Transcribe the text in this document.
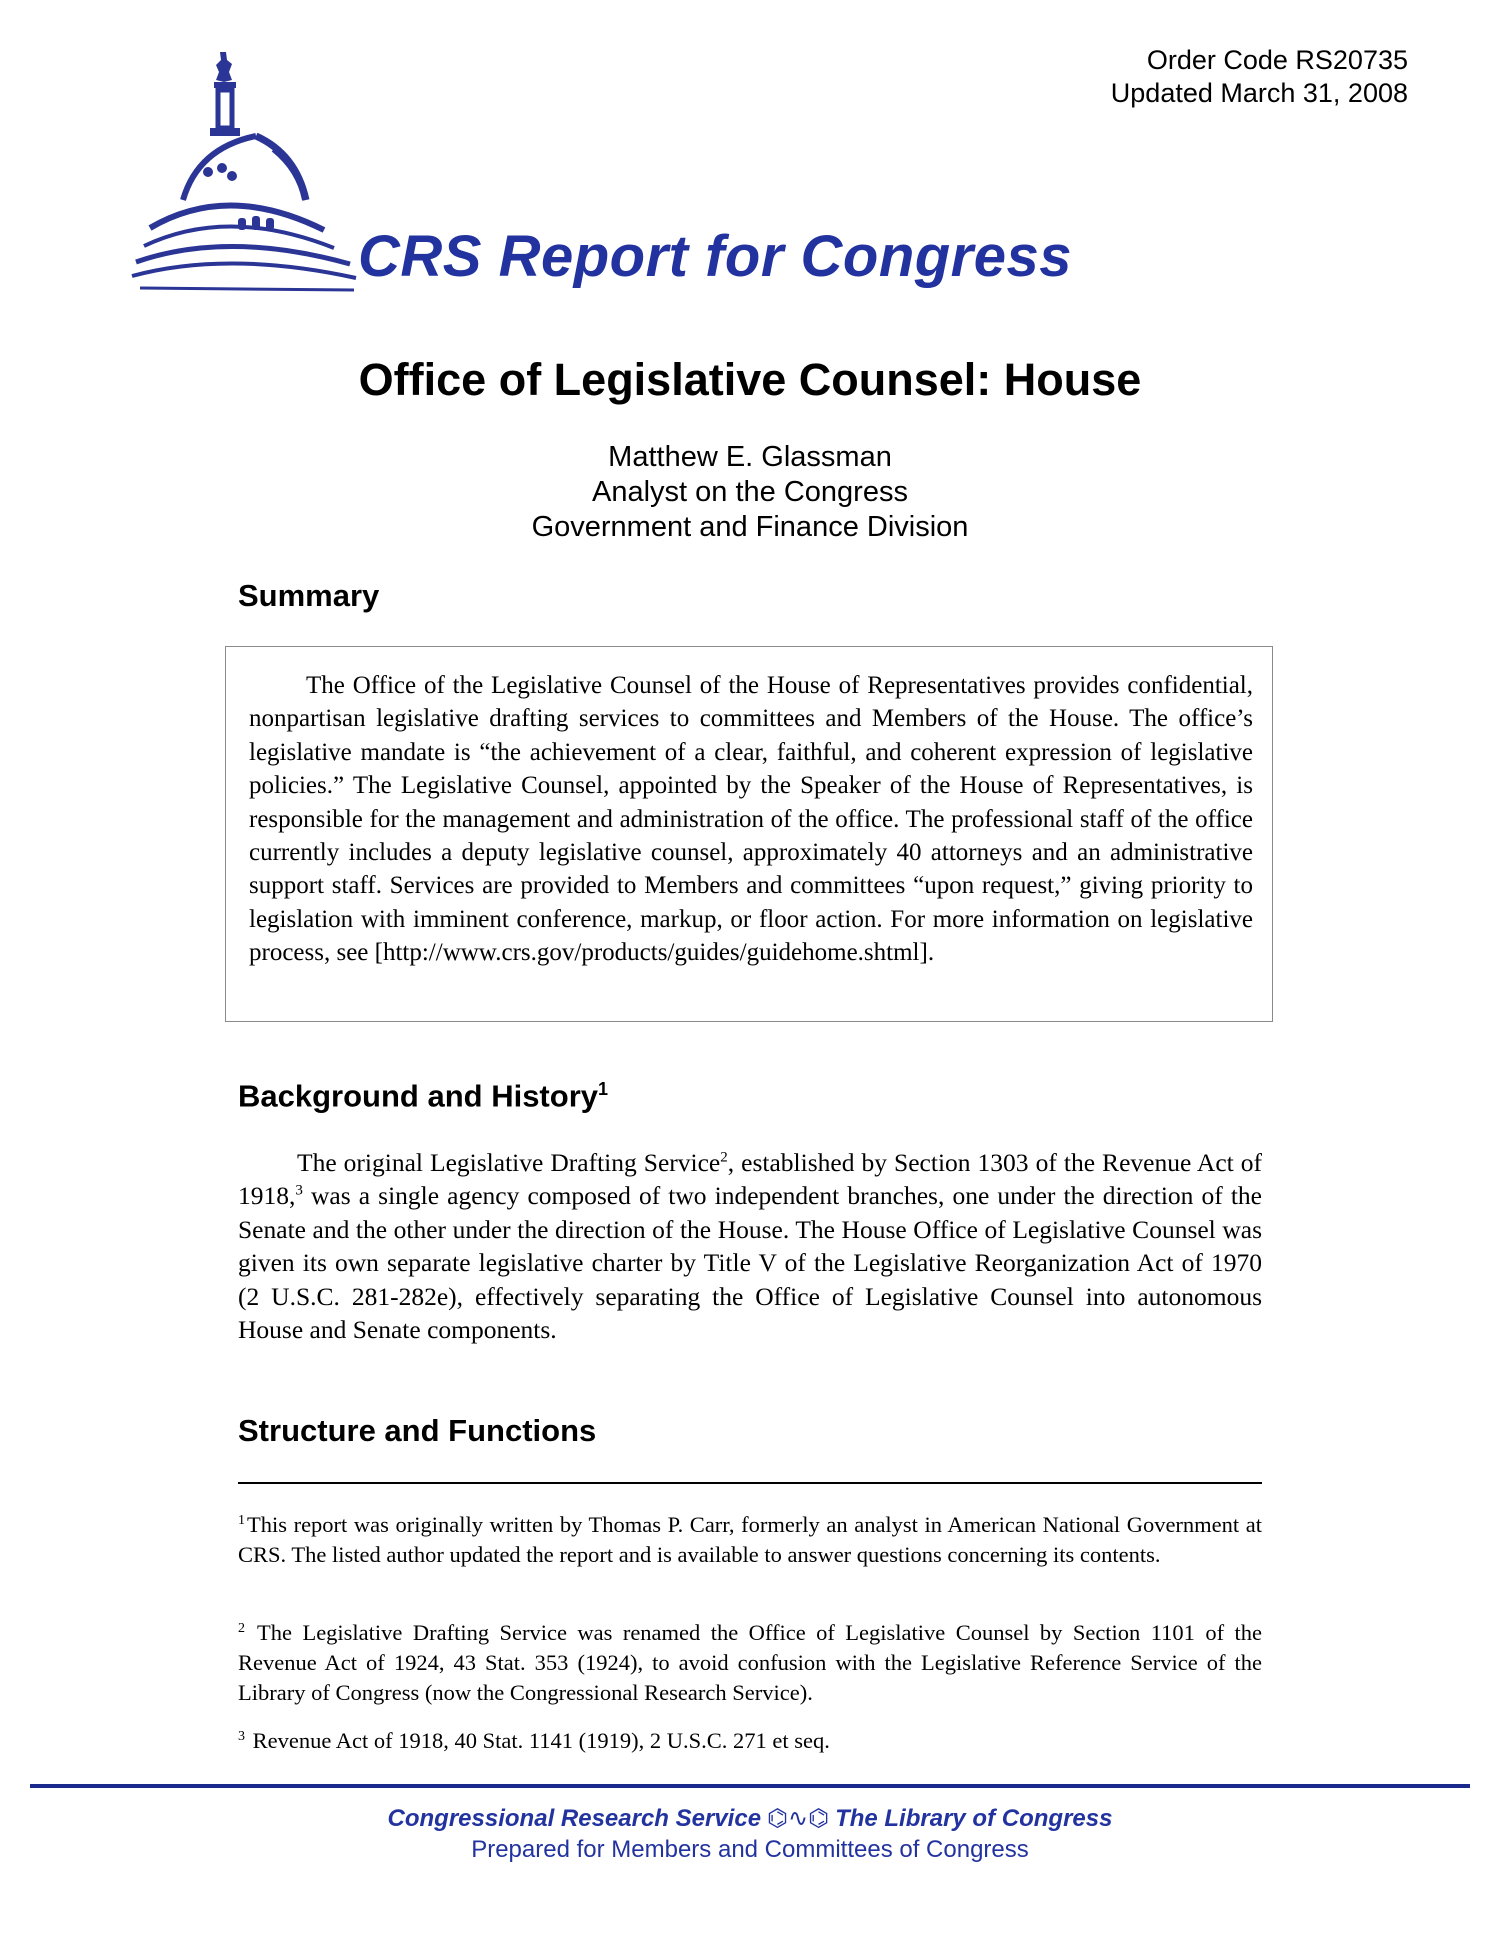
Order Code RS20735
Updated March 31, 2008
CRS Report for Congress
Office of Legislative Counsel: House
Matthew E. Glassman
Analyst on the Congress
Government and Finance Division
Summary

The Office of the Legislative Counsel of the House of Representatives provides confidential, nonpartisan legislative drafting services to committees and Members of the House. The office’s legislative mandate is “the achievement of a clear, faithful, and coherent expression of legislative policies.” The Legislative Counsel, appointed by the Speaker of the House of Representatives, is responsible for the management and administration of the office. The professional staff of the office currently includes a deputy legislative counsel, approximately 40 attorneys and an administrative support staff. Services are provided to Members and committees “upon request,” giving priority to legislation with imminent conference, markup, or floor action. For more information on legislative process, see [http://www.crs.gov/products/guides/guidehome.shtml].

Background and History$^1$

The original Legislative Drafting Service$^2$, established by Section 1303 of the Revenue Act of 1918,$^3$ was a single agency composed of two independent branches, one under the direction of the Senate and the other under the direction of the House. The House Office of Legislative Counsel was given its own separate legislative charter by Title V of the Legislative Reorganization Act of 1970 (2 U.S.C. 281-282e), effectively separating the Office of Legislative Counsel into autonomous House and Senate components.

Structure and Functions

$^1$This report was originally written by Thomas P. Carr, formerly an analyst in American National Government at CRS. The listed author updated the report and is available to answer questions concerning its contents.

$^2$ The Legislative Drafting Service was renamed the Office of Legislative Counsel by Section 1101 of the Revenue Act of 1924, 43 Stat. 353 (1924), to avoid confusion with the Legislative Reference Service of the Library of Congress (now the Congressional Research Service).

$^3$ Revenue Act of 1918, 40 Stat. 1141 (1919), 2 U.S.C. 271 et seq.

Congressional Research Service ⌬∿⌬ The Library of Congress
Prepared for Members and Committees of Congress
